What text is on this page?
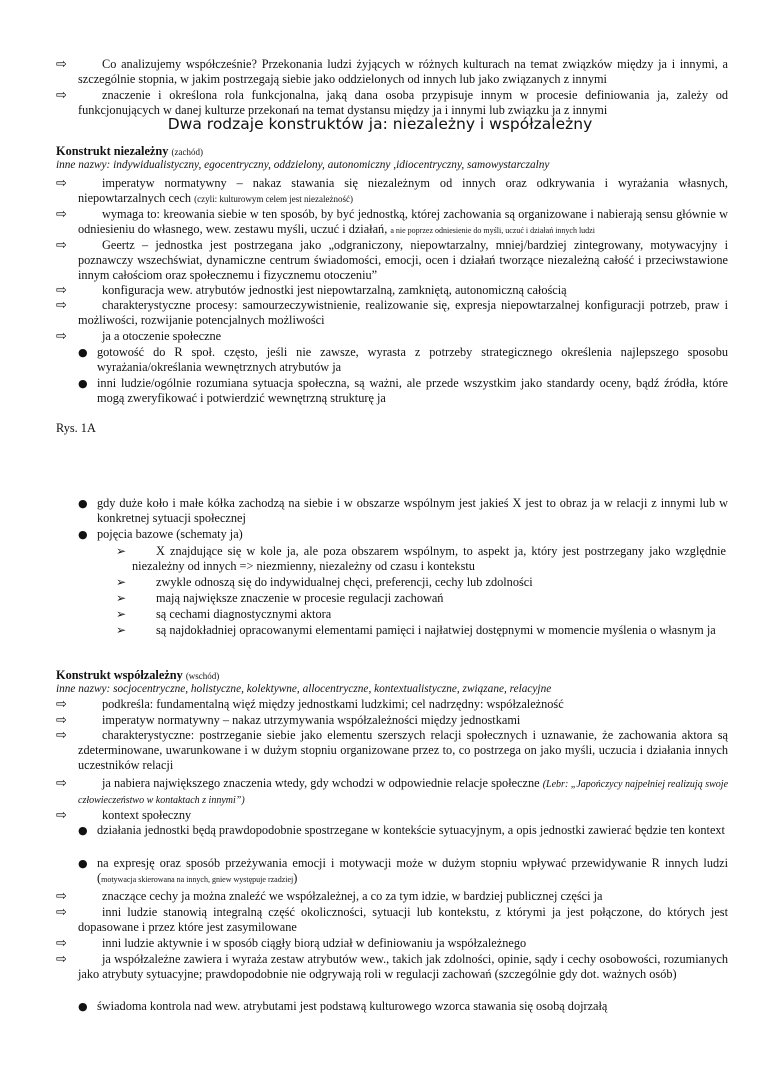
⇨	Co analizujemy współcześnie? Przekonania ludzi żyjących w różnych kulturach na temat związków między ja i innymi, a szczególnie stopnia, w jakim postrzegają siebie jako oddzielonych od innych lub jako związanych z innymi
⇨	znaczenie i określona rola funkcjonalna, jaką dana osoba przypisuje innym w procesie definiowania ja, zależy od funkcjonujących w danej kulturze przekonań na temat dystansu między ja i innymi lub związku ja z innymi
Dwa rodzaje konstruktów ja: niezależny i współzależny
Konstrukt niezależny (zachód)
inne nazwy: indywidualistyczny, egocentryczny, oddzielony, autonomiczny ,idiocentryczny, samowystarczalny
⇨	imperatyw normatywny – nakaz stawania się niezależnym od innych oraz odkrywania i wyrażania własnych, niepowtarzalnych cech (czyli: kulturowym celem jest niezależność)
⇨	wymaga to: kreowania siebie w ten sposób, by być jednostką, której zachowania są organizowane i nabierają sensu głównie w odniesieniu do własnego, wew. zestawu myśli, uczuć i działań, a nie poprzez odniesienie do myśli, uczuć i działań innych ludzi
⇨	Geertz – jednostka jest postrzegana jako „odgraniczony, niepowtarzalny, mniej/bardziej zintegrowany, motywacyjny i poznawczy wszechświat, dynamiczne centrum świadomości, emocji, ocen i działań tworzące niezależną całość i przeciwstawione innym całościom oraz społecznemu i fizycznemu otoczeniu”
⇨	konfiguracja wew. atrybutów jednostki jest niepowtarzalną, zamkniętą, autonomiczną całością
⇨	charakterystyczne procesy: samourzeczywistnienie, realizowanie się, expresja niepowtarzalnej konfiguracji potrzeb, praw i możliwości, rozwijanie potencjalnych możliwości
⇨	ja a otoczenie społeczne
● gotowość do R społ. często, jeśli nie zawsze, wyrasta z potrzeby strategicznego określenia najlepszego sposobu wyrażania/określania wewnętrznych atrybutów ja
● inni ludzie/ogólnie rozumiana sytuacja społeczna, są ważni, ale przede wszystkim jako standardy oceny, bądź źródła, które mogą zweryfikować i potwierdzić wewnętrzną strukturę ja
Rys. 1A
● gdy duże koło i małe kółka zachodzą na siebie i w obszarze wspólnym jest jakieś X jest to obraz ja w relacji z innymi lub w konkretnej sytuacji społecznej
● pojęcia bazowe (schematy ja)
➢ X znajdujące się w kole ja, ale poza obszarem wspólnym, to aspekt ja, który jest postrzegany jako względnie niezależny od innych => niezmienny, niezależny od czasu i kontekstu
➢ zwykle odnoszą się do indywidualnej chęci, preferencji, cechy lub zdolności
➢ mają największe znaczenie w procesie regulacji zachowań
➢ są cechami diagnostycznymi aktora
➢ są najdokładniej opracowanymi elementami pamięci i najłatwiej dostępnymi w momencie myślenia o własnym ja
Konstrukt współzależny (wschód)
inne nazwy: socjocentryczne, holistyczne, kolektywne, allocentryczne, kontextualistyczne, związane, relacyjne
⇨	podkreśla: fundamentalną więź między jednostkami ludzkimi; cel nadrzędny: współzależność
⇨	imperatyw normatywny – nakaz utrzymywania współzależności między jednostkami
⇨	charakterystyczne: postrzeganie siebie jako elementu szerszych relacji społecznych i uznawanie, że zachowania aktora są zdeterminowane, uwarunkowane i w dużym stopniu organizowane przez to, co postrzega on jako myśli, uczucia i działania innych uczestników relacji
⇨	ja nabiera największego znaczenia wtedy, gdy wchodzi w odpowiednie relacje społeczne (Lebr: „Japończycy najpełniej realizują swoje człowieczeństwo w kontaktach z innymi”)
⇨	kontext społeczny
● działania jednostki będą prawdopodobnie spostrzegane w kontekście sytuacyjnym, a opis jednostki zawierać będzie ten kontext
● na expresję oraz sposób przeżywania emocji i motywacji może w dużym stopniu wpływać przewidywanie R innych ludzi (motywacja skierowana na innych, gniew występuje rzadziej)
⇨	znaczące cechy ja można znaleźć we współzależnej, a co za tym idzie, w bardziej publicznej części ja
⇨	inni ludzie stanowią integralną część okoliczności, sytuacji lub kontekstu, z którymi ja jest połączone, do których jest dopasowane i przez które jest zasymilowane
⇨	inni ludzie aktywnie i w sposób ciągły biorą udział w definiowaniu ja współzależnego
⇨	ja współzależne zawiera i wyraża zestaw atrybutów wew., takich jak zdolności, opinie, sądy i cechy osobowości, rozumianych jako atrybuty sytuacyjne; prawdopodobnie nie odgrywają roli w regulacji zachowań (szczególnie gdy dot. ważnych osób)
● świadoma kontrola nad wew. atrybutami jest podstawą kulturowego wzorca stawania się osobą dojrzałą
